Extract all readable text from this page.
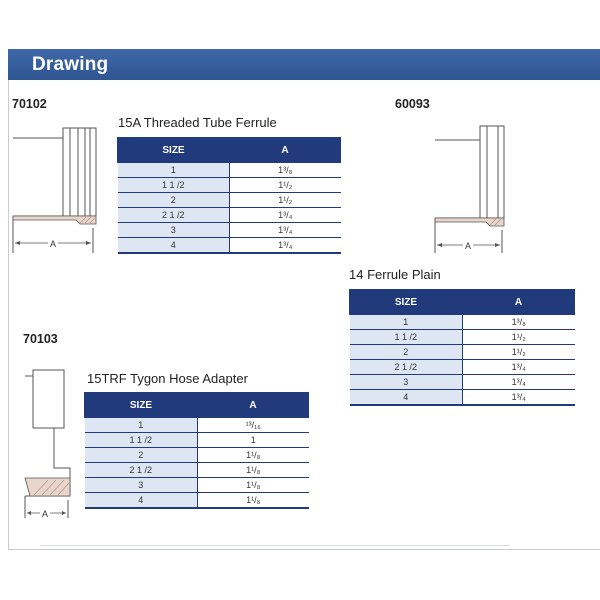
Drawing
70102
A
15A Threaded Tube Ferrule
SIZE	A
1	1³/₈
1 1 /2	1¹/₂
2	1¹/₂
2 1 /2	1³/₄
3	1³/₄
4	1³/₄
60093
A
14 Ferrule Plain
SIZE	A
1	1³/₈
1 1 /2	1¹/₂
2	1¹/₂
2 1 /2	1³/₄
3	1³/₄
4	1³/₄
70103
A
15TRF Tygon Hose Adapter
SIZE	A
1	¹³/₁₆
1 1 /2	1
2	1¹/₈
2 1 /2	1¹/₈
3	1¹/₈
4	1¹/₈
